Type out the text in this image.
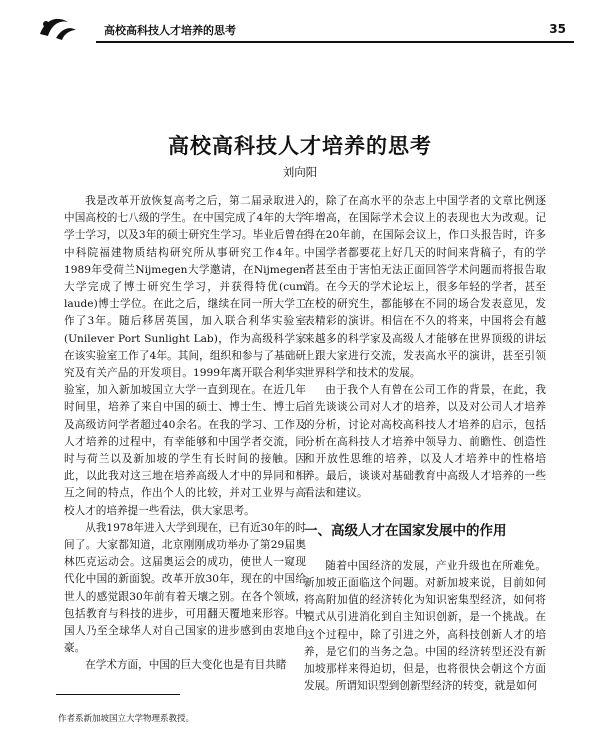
高校高科技人才培养的思考	35
高校高科技人才培养的思考
刘向阳

我是改革开放恢复高考之后，第二届录取进入中国高校的七八级的学生。在中国完成了4年的大学学士学习，以及3年的硕士研究生学习。毕业后曾在中科院福建物质结构研究所从事研究工作4年。1989年受荷兰Nijmegen大学邀请，在Nijmegen大学完成了博士研究生学习，并获得特优(cum laude)博士学位。在此之后，继续在同一所大学工作了3年。随后移居英国，加入联合利华实验室(Unilever Port Sunlight Lab)，作为高级科学家在该实验室工作了4年。其间，组织和参与了基础研究及有关产品的开发项目。1999年离开联合利华实验室，加入新加坡国立大学一直到现在。在近几年时间里，培养了来自中国的硕士、博士生、博士后及高级访问学者超过40余名。在我的学习、工作及人才培养的过程中，有幸能够和中国学者交流，同时与荷兰以及新加坡的学生有长时间的接触。因此，以此我对这三地在培养高级人才中的异同和相互之间的特点，作出个人的比较，并对工业界与高校人才的培养提一些看法，供大家思考。

从我1978年进入大学到现在，已有近30年的时间了。大家都知道，北京刚刚成功举办了第29届奥林匹克运动会。这届奥运会的成功，使世人一窥现代化中国的新面貌。改革开放30年，现在的中国给世人的感觉跟30年前有着天壤之别。在各个领域，包括教育与科技的进步，可用翻天覆地来形容。中国人乃至全球华人对自己国家的进步感到由衷地自豪。

在学术方面，中国的巨大变化也是有目共睹

的，除了在高水平的杂志上中国学者的文章比例逐年增高，在国际学术会议上的表现也大为改观。记得在20年前，在国际会议上，作口头报告时，许多中国学者都要花上好几天的时间来背稿子，有的学者甚至由于害怕无法正面回答学术问题而将报告取消。在今天的学术论坛上，很多年轻的学者，甚至在校的研究生，都能够在不同的场合发表意见，发表精彩的演讲。相信在不久的将来，中国将会有越来越多的科学家及高级人才能够在世界顶级的讲坛上跟大家进行交流，发表高水平的演讲，甚至引领世界科学和技术的发展。

由于我个人有曾在公司工作的背景，在此，我首先谈谈公司对人才的培养，以及对公司人才培养的分析，讨论对高校高科技人才培养的启示，包括分析在高科技人才培养中领导力、前瞻性、创造性和开放性思维的培养，以及人才培养中的性格培养。最后，谈谈对基础教育中高级人才培养的一些看法和建议。

一、高级人才在国家发展中的作用

随着中国经济的发展，产业升级也在所难免。新加坡正面临这个问题。对新加坡来说，目前如何将高附加值的经济转化为知识密集型经济，如何将模式从引进消化到自主知识创新，是一个挑战。在这个过程中，除了引进之外，高科技创新人才的培养，是它们的当务之急。中国的经济转型还没有新加坡那样来得迫切，但是，也将很快会朝这个方面发展。所谓知识型到创新型经济的转变，就是如何

作者系新加坡国立大学物理系教授。
